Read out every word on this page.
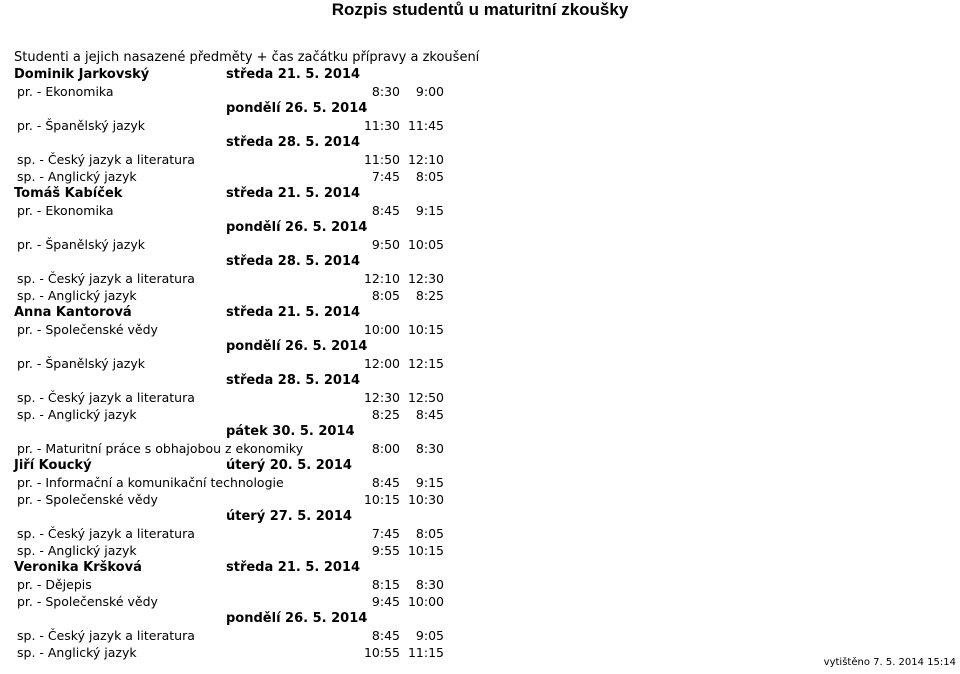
Rozpis studentů u maturitní zkoušky
Studenti a jejich nasazené předměty + čas začátku přípravy a zkoušení
Dominik Jarkovský	středa 21. 5. 2014
pr. - Ekonomika	8:30 9:00
pondělí 26. 5. 2014
pr. - Španělský jazyk	11:30 11:45
středa 28. 5. 2014
sp. - Český jazyk a literatura	11:50 12:10
sp. - Anglický jazyk	7:45 8:05
Tomáš Kabíček	středa 21. 5. 2014
pr. - Ekonomika	8:45 9:15
pondělí 26. 5. 2014
pr. - Španělský jazyk	9:50 10:05
středa 28. 5. 2014
sp. - Český jazyk a literatura	12:10 12:30
sp. - Anglický jazyk	8:05 8:25
Anna Kantorová	středa 21. 5. 2014
pr. - Společenské vědy	10:00 10:15
pondělí 26. 5. 2014
pr. - Španělský jazyk	12:00 12:15
středa 28. 5. 2014
sp. - Český jazyk a literatura	12:30 12:50
sp. - Anglický jazyk	8:25 8:45
pátek 30. 5. 2014
pr. - Maturitní práce s obhajobou z ekonomiky	8:00 8:30
Jiří Koucký	úterý 20. 5. 2014
pr. - Informační a komunikační technologie	8:45 9:15
pr. - Společenské vědy	10:15 10:30
úterý 27. 5. 2014
sp. - Český jazyk a literatura	7:45 8:05
sp. - Anglický jazyk	9:55 10:15
Veronika Kršková	středa 21. 5. 2014
pr. - Dějepis	8:15 8:30
pr. - Společenské vědy	9:45 10:00
pondělí 26. 5. 2014
sp. - Český jazyk a literatura	8:45 9:05
sp. - Anglický jazyk	10:55 11:15
vytištěno 7. 5. 2014 15:14
